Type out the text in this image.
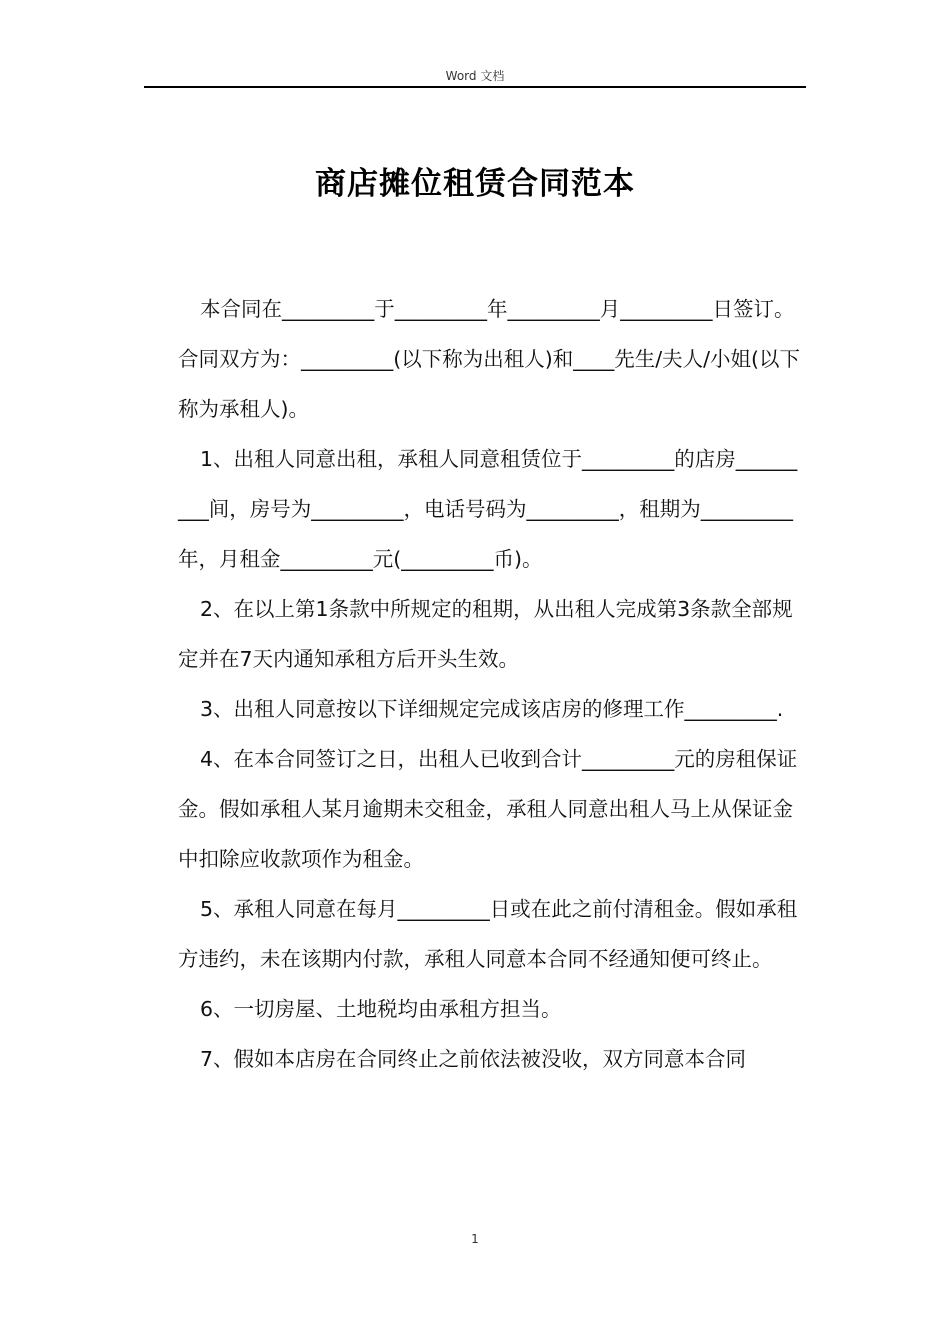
Word 文档
商店摊位租赁合同范本

本合同在_________于_________年_________月_________日签订。合同双方为：_________(以下称为出租人)和____先生/夫人/小姐(以下称为承租人)。

1、出租人同意出租，承租人同意租赁位于_________的店房_________间，房号为_________，电话号码为_________，租期为_________年，月租金_________元(_________币)。

2、在以上第1条款中所规定的租期，从出租人完成第3条款全部规定并在7天内通知承租方后开头生效。

3、出租人同意按以下详细规定完成该店房的修理工作_________.

4、在本合同签订之日，出租人已收到合计_________元的房租保证金。假如承租人某月逾期未交租金，承租人同意出租人马上从保证金中扣除应收款项作为租金。

5、承租人同意在每月_________日或在此之前付清租金。假如承租方违约，未在该期内付款，承租人同意本合同不经通知便可终止。

6、一切房屋、土地税均由承租方担当。

7、假如本店房在合同终止之前依法被没收，双方同意本合同

1
